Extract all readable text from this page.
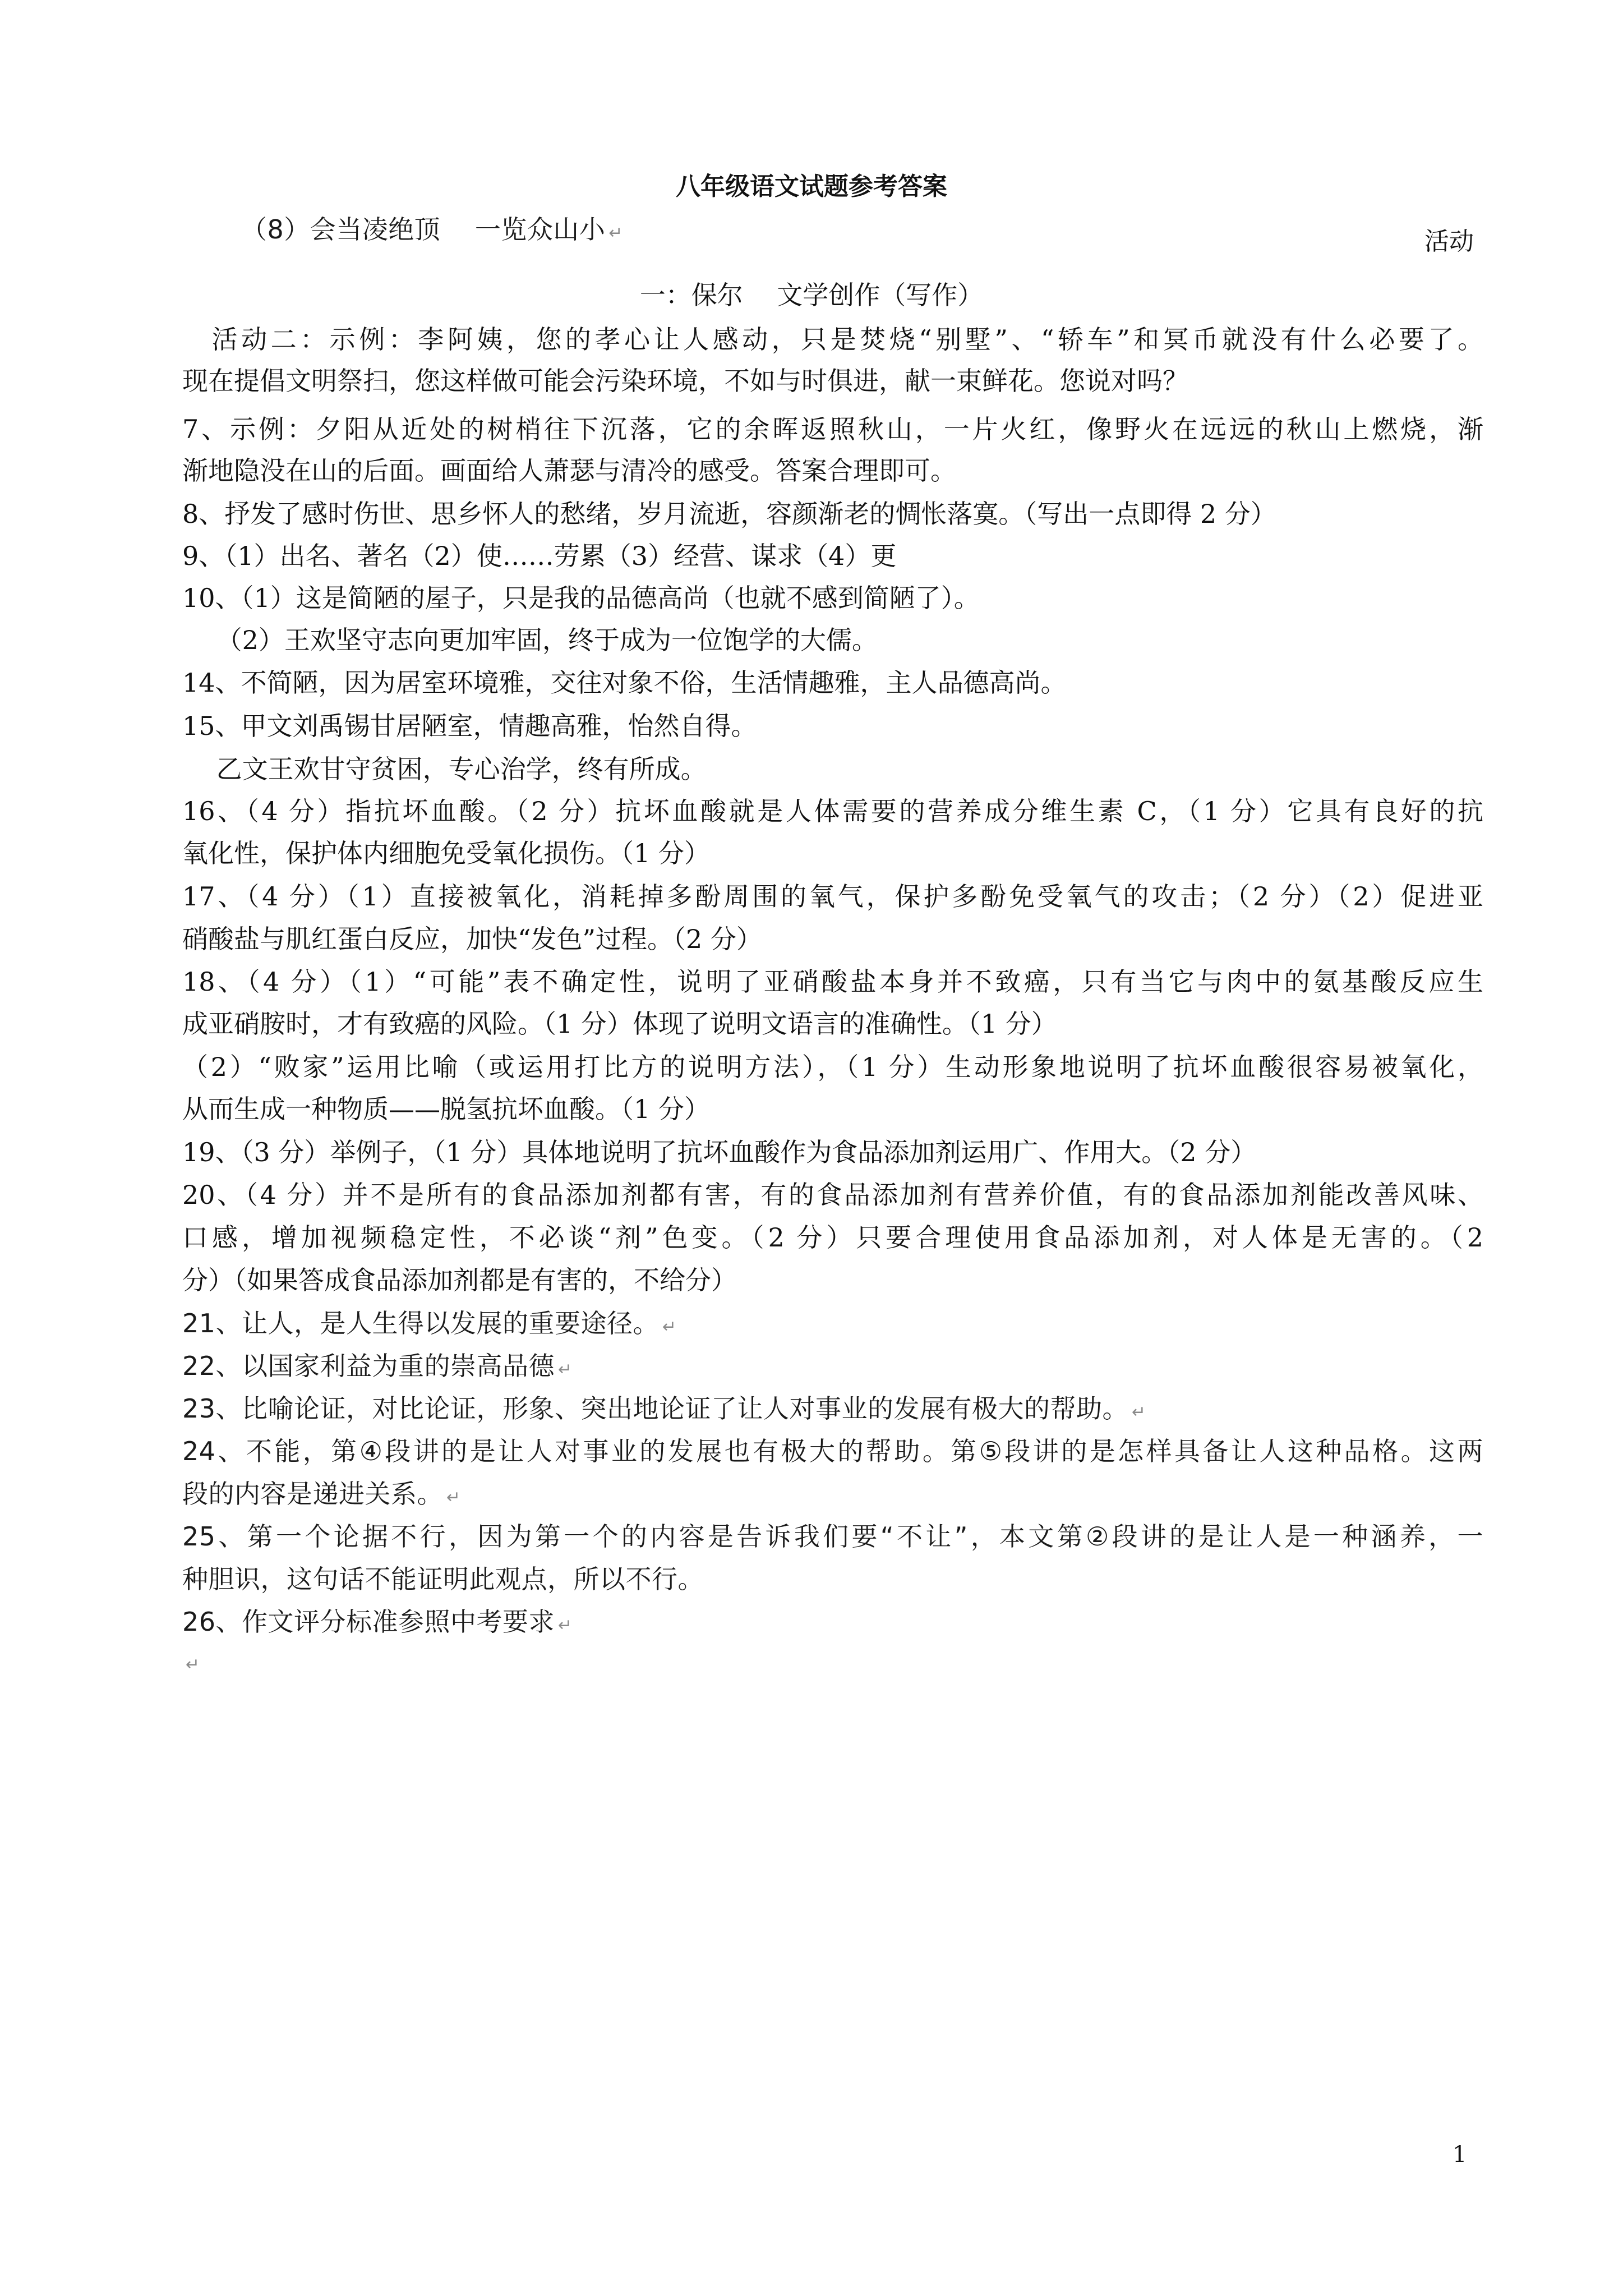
八年级语文试题参考答案
（8）会当凌绝顶　 一览众山小 ↵	活动
一：保尔　 文学创作（写作）
　活动二：示例：李阿姨，您的孝心让人感动，只是焚烧“别墅”、“轿车”和冥币就没有什么必要了。
现在提倡文明祭扫，您这样做可能会污染环境，不如与时俱进，献一束鲜花。您说对吗？
7、示例：夕阳从近处的树梢往下沉落，它的余晖返照秋山，一片火红，像野火在远远的秋山上燃烧，渐
渐地隐没在山的后面。画面给人萧瑟与清冷的感受。答案合理即可。
8、抒发了感时伤世、思乡怀人的愁绪，岁月流逝，容颜渐老的惆怅落寞。（写出一点即得 2 分）
9、（1）出名、著名（2）使……劳累（3）经营、谋求（4）更
10、（1）这是简陋的屋子，只是我的品德高尚（也就不感到简陋了）。
　 （2）王欢坚守志向更加牢固，终于成为一位饱学的大儒。
14、不简陋，因为居室环境雅，交往对象不俗，生活情趣雅，主人品德高尚。
15、甲文刘禹锡甘居陋室，情趣高雅，怡然自得。
　 乙文王欢甘守贫困，专心治学，终有所成。
16、（4 分）指抗坏血酸。（2 分）抗坏血酸就是人体需要的营养成分维生素 C，（1 分）它具有良好的抗
氧化性，保护体内细胞免受氧化损伤。（1 分）
17、（4 分）（1）直接被氧化，消耗掉多酚周围的氧气，保护多酚免受氧气的攻击；（2 分）（2）促进亚
硝酸盐与肌红蛋白反应，加快“发色”过程。（2 分）
18、（4 分）（1）“可能”表不确定性，说明了亚硝酸盐本身并不致癌，只有当它与肉中的氨基酸反应生
成亚硝胺时，才有致癌的风险。（1 分）体现了说明文语言的准确性。（1 分）
（2）“败家”运用比喻（或运用打比方的说明方法），（1 分）生动形象地说明了抗坏血酸很容易被氧化，
从而生成一种物质——脱氢抗坏血酸。（1 分）
19、（3 分）举例子，（1 分）具体地说明了抗坏血酸作为食品添加剂运用广、作用大。（2 分）
20、（4 分）并不是所有的食品添加剂都有害，有的食品添加剂有营养价值，有的食品添加剂能改善风味、
口感，增加视频稳定性，不必谈“剂”色变。（2 分）只要合理使用食品添加剂，对人体是无害的。（2
分）（如果答成食品添加剂都是有害的，不给分）
21、让人，是人生得以发展的重要途径。 ↵
22、以国家利益为重的崇高品德 ↵
23、比喻论证，对比论证，形象、突出地论证了让人对事业的发展有极大的帮助。 ↵
24、不能，第④段讲的是让人对事业的发展也有极大的帮助。第⑤段讲的是怎样具备让人这种品格。这两
段的内容是递进关系。 ↵
25、第一个论据不行，因为第一个的内容是告诉我们要“不让”，本文第②段讲的是让人是一种涵养，一
种胆识，这句话不能证明此观点，所以不行。
26、作文评分标准参照中考要求 ↵
↵
1
